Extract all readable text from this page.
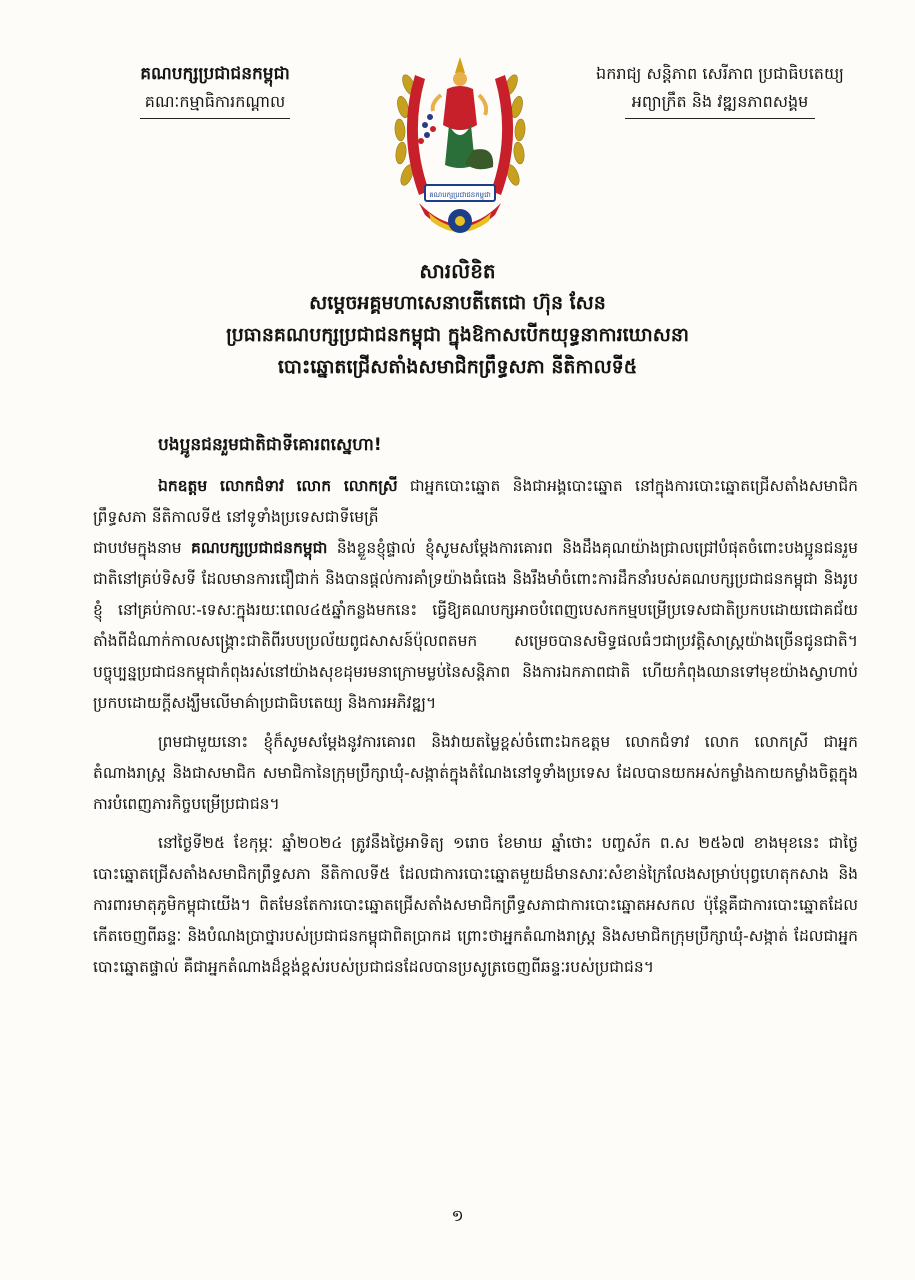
គណបក្សប្រជាជនកម្ពុជា
គណៈកម្មាធិការកណ្តាល
គណបក្សប្រជាជនកម្ពុជា
ឯករាជ្យ សន្តិភាព សេរីភាព ប្រជាធិបតេយ្យ
អព្យាក្រឹត និង វឌ្ឍនភាពសង្គម
សារលិខិត
សម្តេចអគ្គមហាសេនាបតីតេជោ ហ៊ុន សែន
ប្រធានគណបក្សប្រជាជនកម្ពុជា ក្នុងឱកាសបើកយុទ្ធនាការឃោសនា
បោះឆ្នោតជ្រើសតាំងសមាជិកព្រឹទ្ធសភា នីតិកាលទី៥

បងប្អូនជនរួមជាតិជាទីគោរពស្នេហា!

ឯកឧត្តម លោកជំទាវ លោក លោកស្រី ជាអ្នកបោះឆ្នោត និងជាអង្គបោះឆ្នោត នៅក្នុងការបោះឆ្នោតជ្រើសតាំងសមាជិកព្រឹទ្ធសភា នីតិកាលទី៥ នៅទូទាំងប្រទេសជាទីមេត្រី
ជាបឋមក្នុងនាម គណបក្សប្រជាជនកម្ពុជា និងខ្លួនខ្ញុំផ្ទាល់ ខ្ញុំសូមសម្តែងការគោរព និងដឹងគុណយ៉ាងជ្រាលជ្រៅបំផុតចំពោះបងប្អូនជនរួមជាតិនៅគ្រប់ទិសទី ដែលមានការជឿជាក់ និងបានផ្តល់ការគាំទ្រយ៉ាងធំធេង និងរឹងមាំចំពោះការដឹកនាំរបស់គណបក្សប្រជាជនកម្ពុជា និងរូបខ្ញុំ នៅគ្រប់កាលៈ-ទេសៈក្នុងរយៈពេល៤៥ឆ្នាំកន្លងមកនេះ ធ្វើឱ្យគណបក្សអាចបំពេញបេសកកម្មបម្រើប្រទេសជាតិប្រកបដោយជោគជ័យ តាំងពីដំណាក់កាលសង្គ្រោះជាតិពីរបបប្រល័យពូជសាសន៍ប៉ុលពតមក សម្រេចបានសមិទ្ធផលធំៗជាប្រវត្តិសាស្ត្រយ៉ាងច្រើនជូនជាតិ។ បច្ចុប្បន្នប្រជាជនកម្ពុជាកំពុងរស់នៅយ៉ាងសុខដុមរមនាក្រោមម្លប់នៃសន្តិភាព និងការឯកភាពជាតិ ហើយកំពុងឈានទៅមុខយ៉ាងស្វាហាប់ប្រកបដោយក្តីសង្ឃឹមលើមាគ៌ាប្រជាធិបតេយ្យ និងការអភិវឌ្ឍ។

ព្រមជាមួយនោះ ខ្ញុំក៏សូមសម្តែងនូវការគោរព និងវាយតម្លៃខ្ពស់ចំពោះឯកឧត្តម លោកជំទាវ លោក លោកស្រី ជាអ្នកតំណាងរាស្ត្រ និងជាសមាជិក សមាជិកានៃក្រុមប្រឹក្សាឃុំ-សង្កាត់ក្នុងតំណែងនៅទូទាំងប្រទេស ដែលបានយកអស់កម្លាំងកាយកម្លាំងចិត្តក្នុងការបំពេញភារកិច្ចបម្រើប្រជាជន។

នៅថ្ងៃទី២៥ ខែកុម្ភៈ ឆ្នាំ២០២៤ ត្រូវនឹងថ្ងៃអាទិត្យ ១រោច ខែមាឃ ឆ្នាំថោះ បញ្ចស័ក ព.ស ២៥៦៧ ខាងមុខនេះ ជាថ្ងៃបោះឆ្នោតជ្រើសតាំងសមាជិកព្រឹទ្ធសភា នីតិកាលទី៥ ដែលជាការបោះឆ្នោតមួយដ៏មានសារៈសំខាន់ក្រៃលែងសម្រាប់បុព្វហេតុកសាង និងការពារមាតុភូមិកម្ពុជាយើង។ ពិតមែនតែការបោះឆ្នោតជ្រើសតាំងសមាជិកព្រឹទ្ធសភាជាការបោះឆ្នោតអសកល ប៉ុន្តែគឺជាការបោះឆ្នោតដែលកើតចេញពីឆន្ទៈ និងបំណងប្រាថ្នារបស់ប្រជាជនកម្ពុជាពិតប្រាកដ ព្រោះថាអ្នកតំណាងរាស្ត្រ និងសមាជិកក្រុមប្រឹក្សាឃុំ-សង្កាត់ ដែលជាអ្នកបោះឆ្នោតផ្ទាល់ គឺជាអ្នកតំណាងដ៏ខ្ពង់ខ្ពស់របស់ប្រជាជនដែលបានប្រសូត្រចេញពីឆន្ទៈរបស់ប្រជាជន។

១
